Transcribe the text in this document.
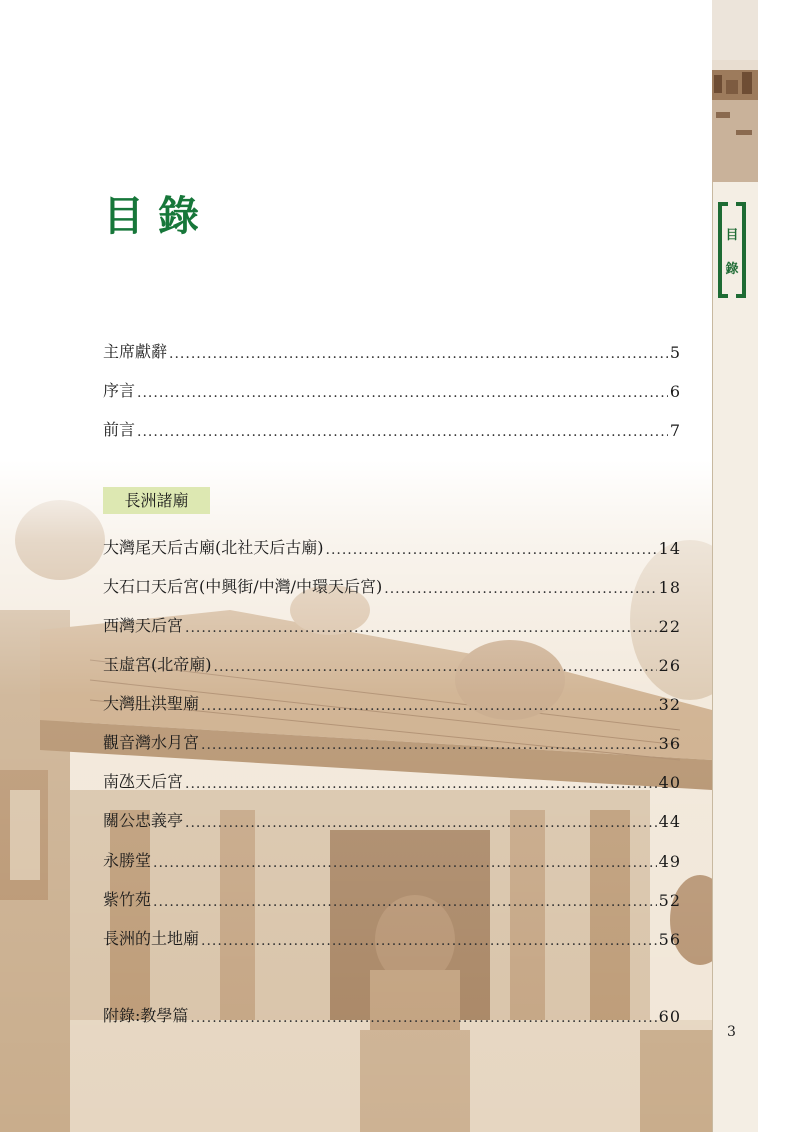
目錄
主席獻辭 .....	5
序言 .....	6
前言 .....	7
長洲諸廟
大灣尾天后古廟(北社天后古廟) .....	14
大石口天后宮(中興街/中灣/中環天后宮) .....	18
西灣天后宮 .....	22
玉虛宮(北帝廟) .....	26
大灣肚洪聖廟 .....	32
觀音灣水月宮 .....	36
南氹天后宮 .....	40
關公忠義亭 .....	44
永勝堂 .....	49
紫竹苑 .....	52
長洲的土地廟 .....	56
附錄:教學篇 .....	60
目
錄
3
